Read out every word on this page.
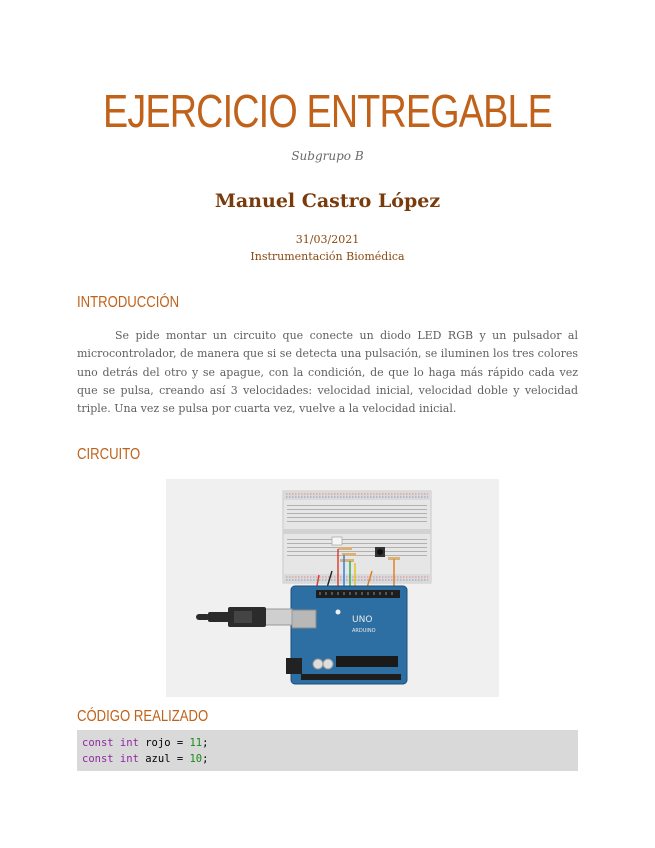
EJERCICIO ENTREGABLE
Subgrupo B
Manuel Castro López
31/03/2021
Instrumentación Biomédica
INTRODUCCIÓN

Se pide montar un circuito que conecte un diodo LED RGB y un pulsador al microcontrolador, de manera que si se detecta una pulsación, se iluminen los tres colores uno detrás del otro y se apague, con la condición, de que lo haga más rápido cada vez que se pulsa, creando así 3 velocidades: velocidad inicial, velocidad doble y velocidad triple. Una vez se pulsa por cuarta vez, vuelve a la velocidad inicial.

CIRCUITO
UNO
ARDUINO
CÓDIGO REALIZADO
const int rojo = 11;
const int azul = 10;
